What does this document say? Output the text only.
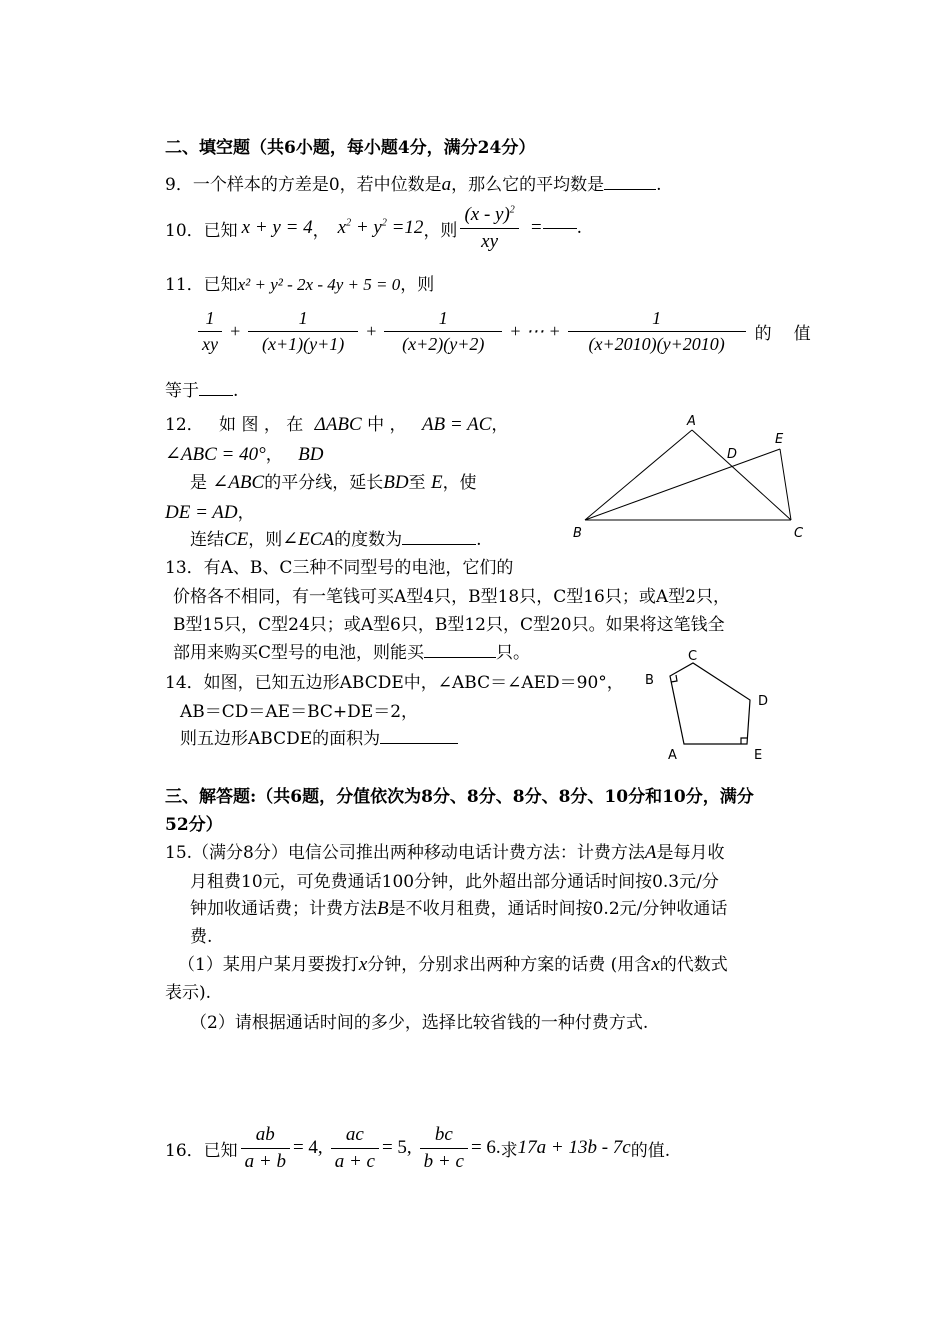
二、填空题（共6小题，每小题4分，满分24分）
9．一个样本的方差是0，若中位数是a，那么它的平均数是	.
10． 已知 x + y = 4 ， $x^2 + y^2 =12$ ，则 $\frac{(x - y)^2}{xy}$ = .
11．已知x² + y² - 2x - 4y + 5 = 0，则
$\frac{1}{xy} + \frac{1}{(x+1)(y+1)} + \frac{1}{(x+2)(y+2)}$ + ⋯ + $\frac{1}{(x+2010)(y+2010)}$ 的 值
等于 .
12． 如 图 ， 在 ΔABC 中 ， AB = AC，
∠ABC = 40°， BD
是 ∠ABC的平分线，延长BD至 E，使
DE = AD，
连结CE，则∠ECA的度数为	.
A
B	C
D
E
13．有A、B、C三种不同型号的电池，它们的
价格各不相同，有一笔钱可买A型4只，B型18只，C型16只；或A型2只，
B型15只，C型24只；或A型6只，B型12只，C型20只。如果将这笔钱全
部用来购买C型号的电池，则能买	只。
14．如图，已知五边形ABCDE中，∠ABC＝∠AED＝90°，
AB＝CD＝AE＝BC+DE＝2，
则五边形ABCDE的面积为
C
B
D
A	E
三、解答题:（共6题，分值依次为8分、8分、8分、8分、10分和10分，满分
52分）
15.（满分8分）电信公司推出两种移动电话计费方法：计费方法A是每月收
月租费10元，可免费通话100分钟，此外超出部分通话时间按0.3元/分
钟加收通话费；计费方法B是不收月租费，通话时间按0.2元/分钟收通话
费.
（1）某用户某月要拨打x分钟，分别求出两种方案的话费 (用含x的代数式
表示).
（2）请根据通话时间的多少，选择比较省钱的一种付费方式.
16． 已知 $\frac{ab}{a + b} = 4$, $\frac{ac}{a + c} = 5$, $\frac{bc}{b + c} = 6$. 求 17a + 13b - 7c 的值.
